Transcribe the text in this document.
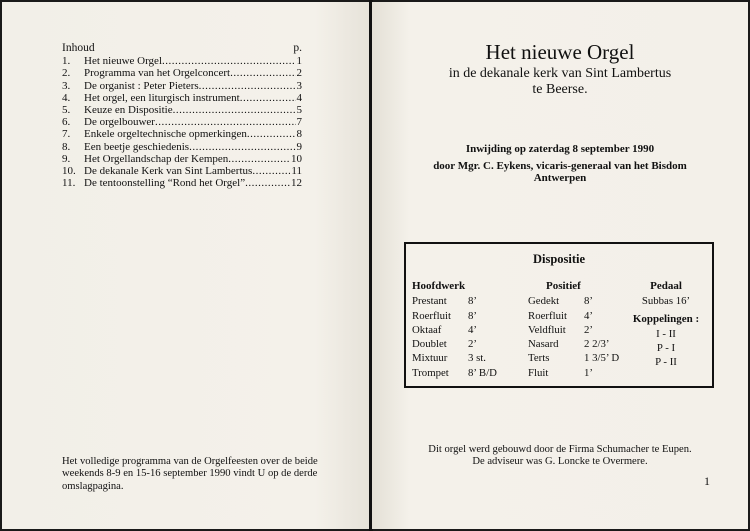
Inhoud	p.
1.	Het nieuwe Orgel .....	1
2.	Programma van het Orgelconcert .....	2
3.	De organist : Peter Pieters .....	3
4.	Het orgel, een liturgisch instrument .....	4
5.	Keuze en Dispositie .....	5
6.	De orgelbouwer .....	7
7.	Enkele orgeltechnische opmerkingen .....	8
8.	Een beetje geschiedenis .....	9
9.	Het Orgellandschap der Kempen .....	10
10. De dekanale Kerk van Sint Lambertus .....	11
11. De tentoonstelling “Rond het Orgel” .....	12
Het volledige programma van de Orgelfeesten over de beide
weekends 8-9 en 15-16 september 1990 vindt U op de derde
omslagpagina.
Het nieuwe Orgel
in de dekanale kerk van Sint Lambertus
te Beerse.
Inwijding op zaterdag 8 september 1990
door Mgr. C. Eykens, vicaris-generaal van het Bisdom
Antwerpen
Dispositie
Hoofdwerk
Prestant	8’
Roerfluit	8’
Oktaaf	4’
Doublet	2’
Mixtuur	3 st.
Trompet	8’ B/D
Positief
Gedekt	8’
Roerfluit	4’
Veldfluit	2’
Nasard	2 2/3’
Terts	1 3/5’ D
Fluit	1’
Pedaal
Subbas 16’
Koppelingen :
I - II
P - I
P - II
Dit orgel werd gebouwd door de Firma Schumacher te Eupen.
De adviseur was G. Loncke te Overmere.
1
